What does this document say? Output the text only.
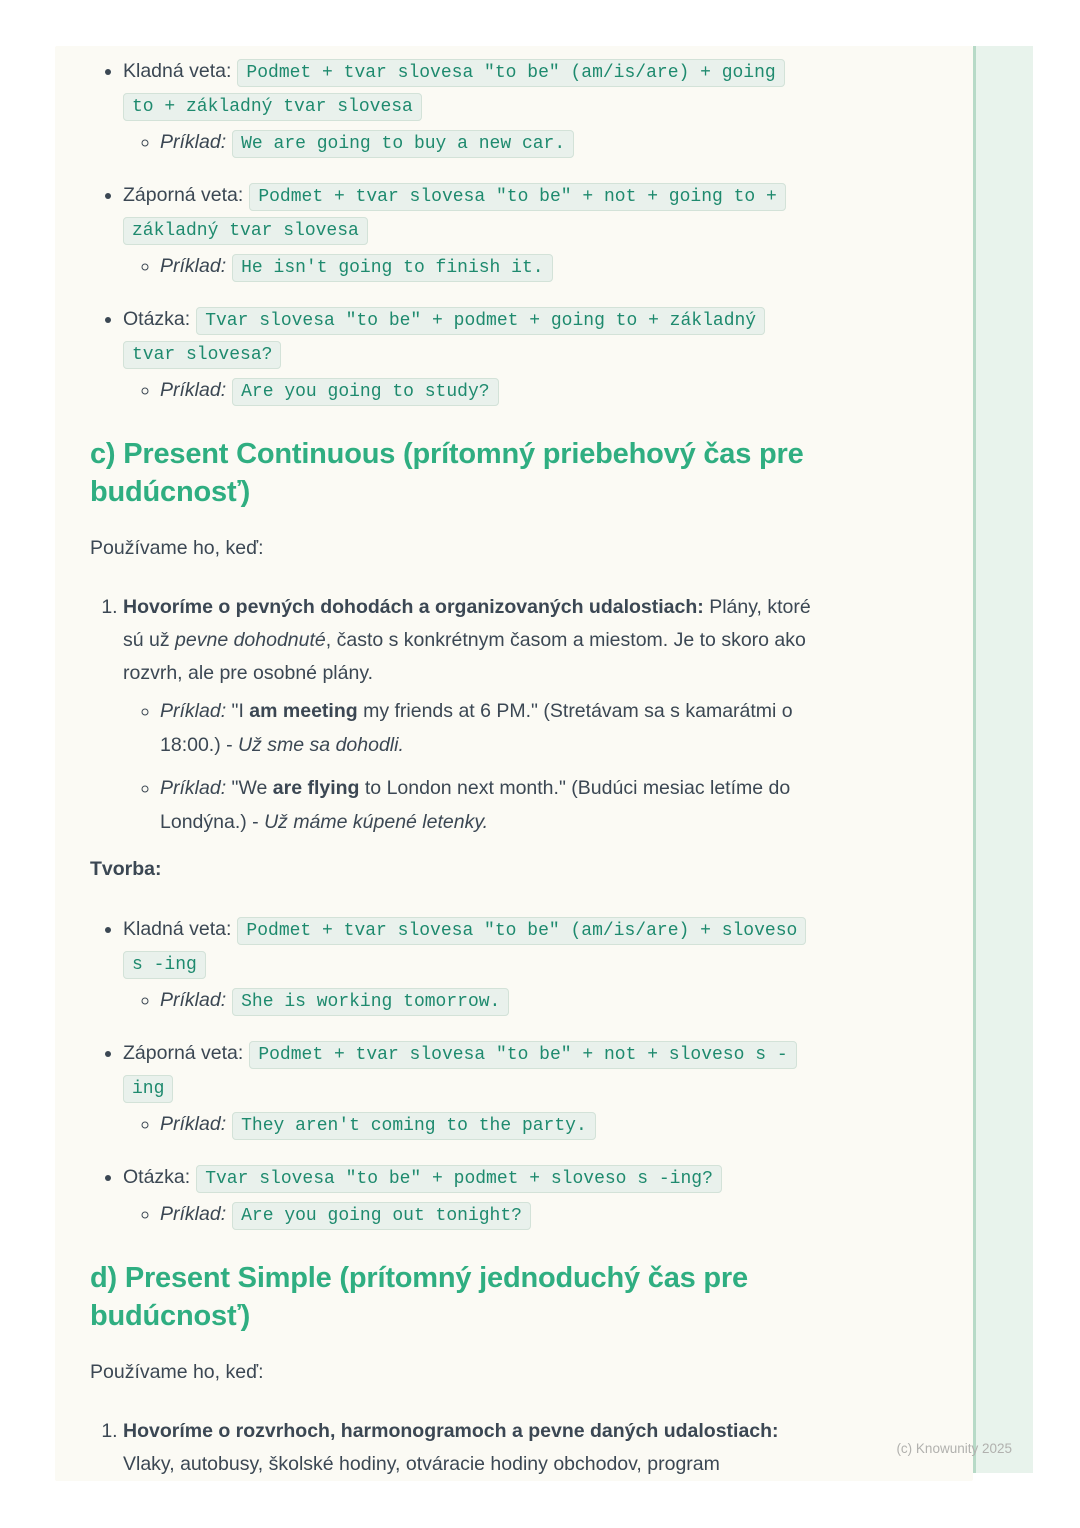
• Kladná veta: Podmet + tvar slovesa "to be" (am/is/are) + going
to + základný tvar slovesa
◦ Príklad: We are going to buy a new car.
• Záporná veta: Podmet + tvar slovesa "to be" + not + going to +
základný tvar slovesa
◦ Príklad: He isn't going to finish it.
• Otázka: Tvar slovesa "to be" + podmet + going to + základný
tvar slovesa?
◦ Príklad: Are you going to study?
c) Present Continuous (prítomný priebehový čas pre budúcnosť)

Používame ho, keď:

1. Hovoríme o pevných dohodách a organizovaných udalostiach: Plány, ktoré sú už pevne dohodnuté, často s konkrétnym časom a miestom. Je to skoro ako rozvrh, ale pre osobné plány.
◦ Príklad: "I am meeting my friends at 6 PM." (Stretávam sa s kamarátmi o 18:00.) - Už sme sa dohodli.
◦ Príklad: "We are flying to London next month." (Budúci mesiac letíme do Londýna.) - Už máme kúpené letenky.

Tvorba:

• Kladná veta: Podmet + tvar slovesa "to be" (am/is/are) + sloveso
s -ing
◦ Príklad: She is working tomorrow.
• Záporná veta: Podmet + tvar slovesa "to be" + not + sloveso s -
ing
◦ Príklad: They aren't coming to the party.
• Otázka: Tvar slovesa "to be" + podmet + sloveso s -ing?
◦ Príklad: Are you going out tonight?
d) Present Simple (prítomný jednoduchý čas pre budúcnosť)

Používame ho, keď:

1. Hovoríme o rozvrhoch, harmonogramoch a pevne daných udalostiach: Vlaky, autobusy, školské hodiny, otváracie hodiny obchodov, program
(c) Knowunity 2025
